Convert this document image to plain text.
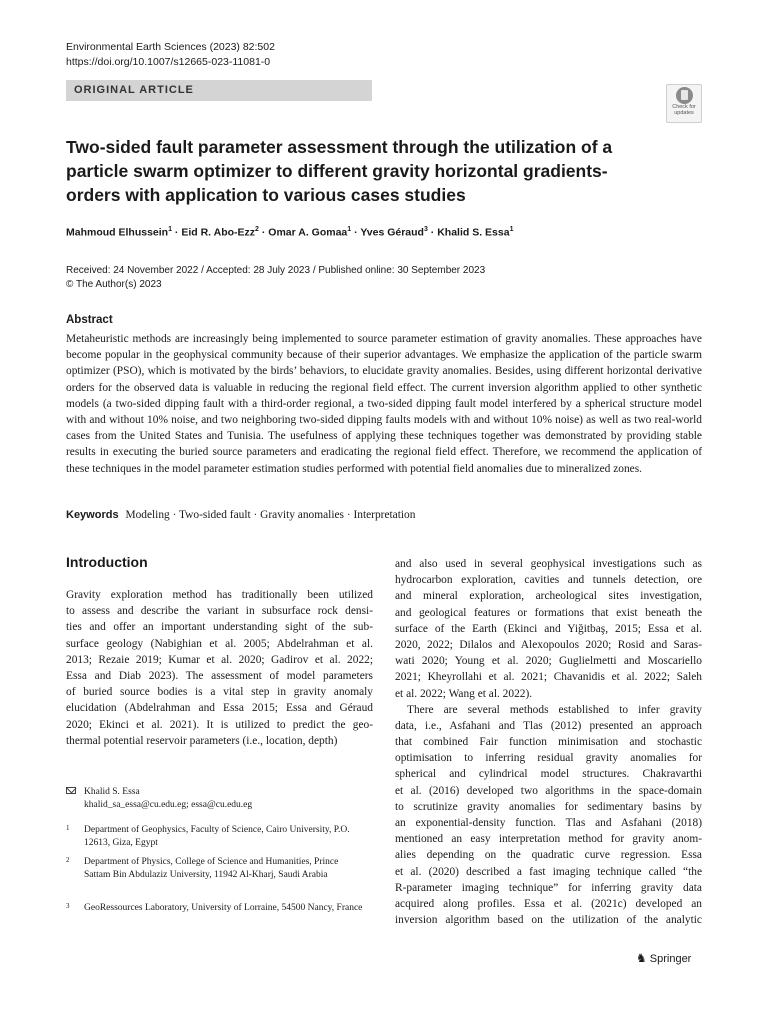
Environmental Earth Sciences (2023) 82:502
https://doi.org/10.1007/s12665-023-11081-0
ORIGINAL ARTICLE
Check for
updates
Two-sided fault parameter assessment through the utilization of a particle swarm optimizer to different gravity horizontal gradients-orders with application to various cases studies
Mahmoud Elhussein$^1$ · Eid R. Abo-Ezz$^2$ · Omar A. Gomaa$^1$ · Yves Géraud$^3$ · Khalid S. Essa$^1$
Received: 24 November 2022 / Accepted: 28 July 2023 / Published online: 30 September 2023
© The Author(s) 2023
Abstract

Metaheuristic methods are increasingly being implemented to source parameter estimation of gravity anomalies. These approaches have become popular in the geophysical community because of their superior advantages. We emphasize the application of the particle swarm optimizer (PSO), which is motivated by the birds’ behaviors, to elucidate gravity anomalies. Besides, using different horizontal derivative orders for the observed data is valuable in reducing the regional field effect. The current inversion algorithm applied to other synthetic models (a two-sided dipping fault with a third-order regional, a two-sided dipping fault model interfered by a spherical structure model with and without 10% noise, and two neighboring two-sided dipping faults models with and without 10% noise) as well as two real-world cases from the United States and Tunisia. The usefulness of applying these techniques together was demonstrated by providing stable results in executing the buried source parameters and eradicating the regional field effect. Therefore, we recommend the application of these techniques in the model parameter estimation studies performed with potential field anomalies due to mineralized zones.

Keywords Modeling · Two-sided fault · Gravity anomalies · Interpretation
Introduction
Gravity exploration method has traditionally been utilized
to assess and describe the variant in subsurface rock densi-
ties and offer an important understanding sight of the sub-
surface geology (Nabighian et al. 2005; Abdelrahman et al.
2013; Rezaie 2019; Kumar et al. 2020; Gadirov et al. 2022;
Essa and Diab 2023). The assessment of model parameters
of buried source bodies is a vital step in gravity anomaly
elucidation (Abdelrahman and Essa 2015; Essa and Géraud
2020; Ekinci et al. 2021). It is utilized to predict the geo-
thermal potential reservoir parameters (i.e., location, depth)
and also used in several geophysical investigations such as
hydrocarbon exploration, cavities and tunnels detection, ore
and mineral exploration, archeological sites investigation,
and geological features or formations that exist beneath the
surface of the Earth (Ekinci and Yiğitbaş, 2015; Essa et al.
2020, 2022; Dilalos and Alexopoulos 2020; Rosid and Saras-
wati 2020; Young et al. 2020; Guglielmetti and Moscariello
2021; Kheyrollahi et al. 2021; Chavanidis et al. 2022; Saleh
et al. 2022; Wang et al. 2022).
There are several methods established to infer gravity
data, i.e., Asfahani and Tlas (2012) presented an approach
that combined Fair function minimisation and stochastic
optimisation to inferring residual gravity anomalies for
spherical and cylindrical model structures. Chakravarthi
et al. (2016) developed two algorithms in the space-domain
to scrutinize gravity anomalies for sedimentary basins by
an exponential-density function. Tlas and Asfahani (2018)
mentioned an easy interpretation method for gravity anom-
alies depending on the quadratic curve regression. Essa
et al. (2020) described a fast imaging technique called “the
R-parameter imaging technique” for inferring gravity data
acquired along profiles. Essa et al. (2021c) developed an
inversion algorithm based on the utilization of the analytic
Khalid S. Essa
khalid_sa_essa@cu.edu.eg; essa@cu.edu.eg
1 Department of Geophysics, Faculty of Science, Cairo University, P.O. 12613, Giza, Egypt
2 Department of Physics, College of Science and Humanities, Prince Sattam Bin Abdulaziz University, 11942 Al-Kharj, Saudi Arabia
3 GeoRessources Laboratory, University of Lorraine, 54500 Nancy, France
♞ Springer
